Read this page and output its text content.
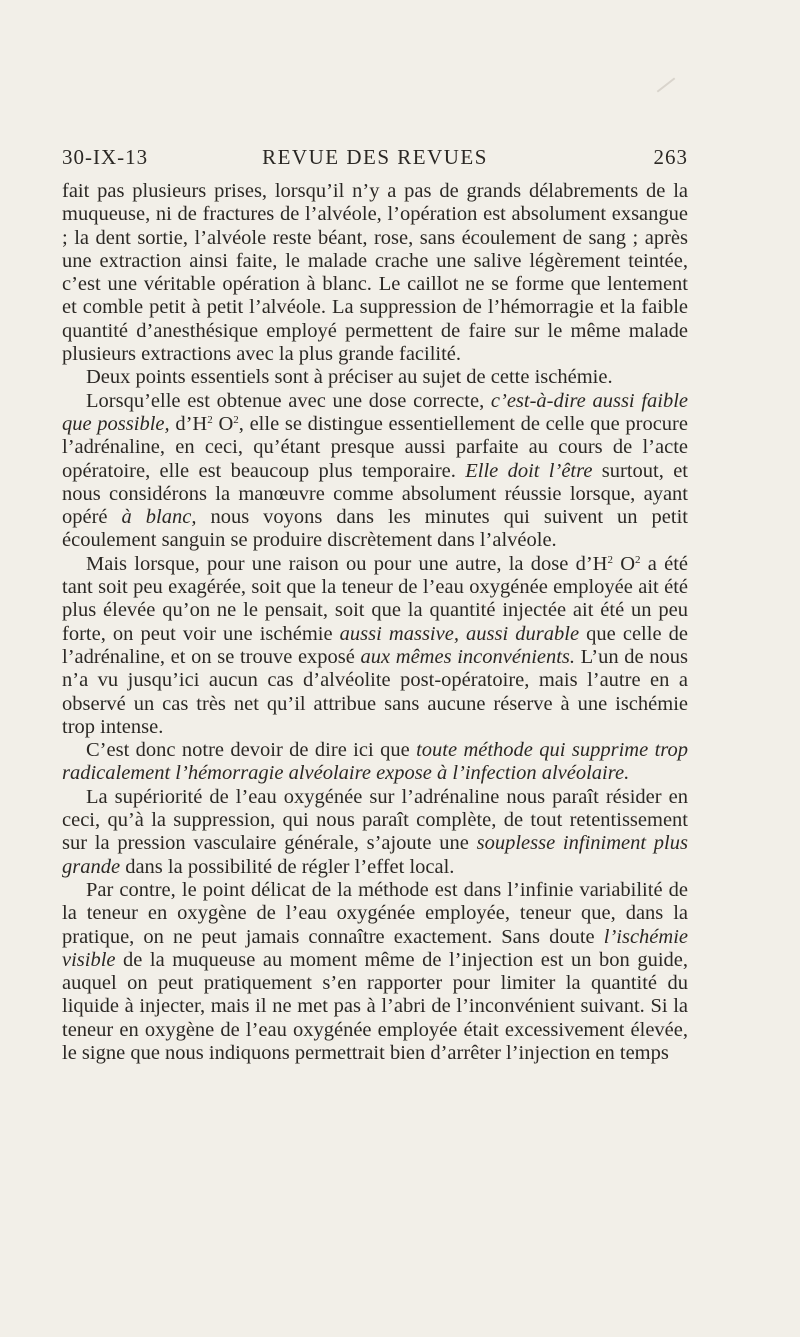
30-IX-13	REVUE DES REVUES	263

fait pas plusieurs prises, lorsqu’il n’y a pas de grands délabrements de la muqueuse, ni de fractures de l’alvéole, l’opération est absolument exsangue ; la dent sortie, l’alvéole reste béant, rose, sans écoulement de sang ; après une extraction ainsi faite, le malade crache une salive légèrement teintée, c’est une véritable opération à blanc. Le caillot ne se forme que lentement et comble petit à petit l’alvéole. La suppression de l’hémorragie et la faible quantité d’anesthésique employé permettent de faire sur le même malade plusieurs extractions avec la plus grande facilité.

Deux points essentiels sont à préciser au sujet de cette ischémie.

Lorsqu’elle est obtenue avec une dose correcte, c’est-à-dire aussi faible que possible, $d’H^2$ $O^2$, elle se distingue essentiellement de celle que procure l’adrénaline, en ceci, qu’étant presque aussi parfaite au cours de l’acte opératoire, elle est beaucoup plus temporaire. Elle doit l’être surtout, et nous considérons la manœuvre comme absolument réussie lorsque, ayant opéré à blanc, nous voyons dans les minutes qui suivent un petit écoulement sanguin se produire discrètement dans l’alvéole.

Mais lorsque, pour une raison ou pour une autre, la dose $d’H^2$ $O^2$ a été tant soit peu exagérée, soit que la teneur de l’eau oxygénée employée ait été plus élevée qu’on ne le pensait, soit que la quantité injectée ait été un peu forte, on peut voir une ischémie aussi massive, aussi durable que celle de l’adrénaline, et on se trouve exposé aux mêmes inconvénients. L’un de nous n’a vu jusqu’ici aucun cas d’alvéolite post-opératoire, mais l’autre en a observé un cas très net qu’il attribue sans aucune réserve à une ischémie trop intense.

C’est donc notre devoir de dire ici que toute méthode qui supprime trop radicalement l’hémorragie alvéolaire expose à l’infection alvéolaire.

La supériorité de l’eau oxygénée sur l’adrénaline nous paraît résider en ceci, qu’à la suppression, qui nous paraît complète, de tout retentissement sur la pression vasculaire générale, s’ajoute une souplesse infiniment plus grande dans la possibilité de régler l’effet local.

Par contre, le point délicat de la méthode est dans l’infinie variabilité de la teneur en oxygène de l’eau oxygénée employée, teneur que, dans la pratique, on ne peut jamais connaître exactement. Sans doute l’ischémie visible de la muqueuse au moment même de l’injection est un bon guide, auquel on peut pratiquement s’en rapporter pour limiter la quantité du liquide à injecter, mais il ne met pas à l’abri de l’inconvénient suivant. Si la teneur en oxygène de l’eau oxygénée employée était excessivement élevée, le signe que nous indiquons permettrait bien d’arrêter l’injection en temps
